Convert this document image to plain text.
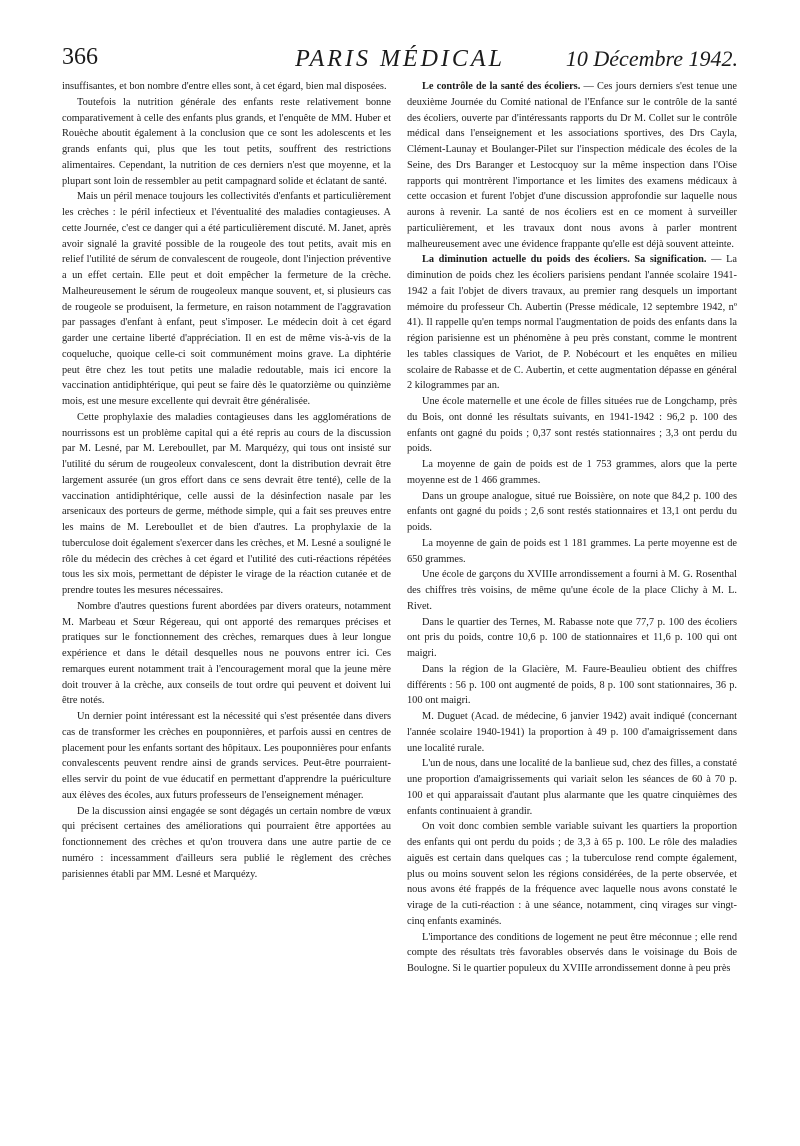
366	PARIS MÉDICAL	10 Décembre 1942.

insuffisantes, et bon nombre d'entre elles sont, à cet égard, bien mal disposées.

Toutefois la nutrition générale des enfants reste relativement bonne comparativement à celle des enfants plus grands, et l'enquête de MM. Huber et Rouèche aboutit également à la conclusion que ce sont les adolescents et les grands enfants qui, plus que les tout petits, souffrent des restrictions alimentaires. Cependant, la nutrition de ces derniers n'est que moyenne, et la plupart sont loin de ressembler au petit campagnard solide et éclatant de santé.

Mais un péril menace toujours les collectivités d'enfants et particulièrement les crèches : le péril infectieux et l'éventualité des maladies contagieuses. A cette Journée, c'est ce danger qui a été particulièrement discuté. M. Janet, après avoir signalé la gravité possible de la rougeole des tout petits, avait mis en relief l'utilité de sérum de convalescent de rougeole, dont l'injection préventive a un effet certain. Elle peut et doit empêcher la fermeture de la crèche. Malheureusement le sérum de rougeoleux manque souvent, et, si plusieurs cas de rougeole se produisent, la fermeture, en raison notamment de l'aggravation par passages d'enfant à enfant, peut s'imposer. Le médecin doit à cet égard garder une certaine liberté d'appréciation. Il en est de même vis-à-vis de la coqueluche, quoique celle-ci soit communément moins grave. La diphtérie peut être chez les tout petits une maladie redoutable, mais ici encore la vaccination antidiphtérique, qui peut se faire dès le quatorzième ou quinzième mois, est une mesure excellente qui devrait être généralisée.

Cette prophylaxie des maladies contagieuses dans les agglomérations de nourrissons est un problème capital qui a été repris au cours de la discussion par M. Lesné, par M. Lereboullet, par M. Marquézy, qui tous ont insisté sur l'utilité du sérum de rougeoleux convalescent, dont la distribution devrait être largement assurée (un gros effort dans ce sens devrait être tenté), celle de la vaccination antidiphtérique, celle aussi de la désinfection nasale par les arsenicaux des porteurs de germe, méthode simple, qui a fait ses preuves entre les mains de M. Lereboullet et de bien d'autres. La prophylaxie de la tuberculose doit également s'exercer dans les crèches, et M. Lesné a souligné le rôle du médecin des crèches à cet égard et l'utilité des cuti-réactions répétées tous les six mois, permettant de dépister le virage de la réaction cutanée et de prendre toutes les mesures nécessaires.

Nombre d'autres questions furent abordées par divers orateurs, notamment M. Marbeau et Sœur Régereau, qui ont apporté des remarques précises et pratiques sur le fonctionnement des crèches, remarques dues à leur longue expérience et dans le détail desquelles nous ne pouvons entrer ici. Ces remarques eurent notamment trait à l'encouragement moral que la jeune mère doit trouver à la crèche, aux conseils de tout ordre qui peuvent et doivent lui être notés.

Un dernier point intéressant est la nécessité qui s'est présentée dans divers cas de transformer les crèches en pouponnières, et parfois aussi en centres de placement pour les enfants sortant des hôpitaux. Les pouponnières pour enfants convalescents peuvent rendre ainsi de grands services. Peut-être pourraient-elles servir du point de vue éducatif en permettant d'apprendre la puériculture aux élèves des écoles, aux futurs professeurs de l'enseignement ménager.

De la discussion ainsi engagée se sont dégagés un certain nombre de vœux qui précisent certaines des améliorations qui pourraient être apportées au fonctionnement des crèches et qu'on trouvera dans une autre partie de ce numéro : incessamment d'ailleurs sera publié le règlement des crèches parisiennes établi par MM. Lesné et Marquézy.

Le contrôle de la santé des écoliers. — Ces jours derniers s'est tenue une deuxième Journée du Comité national de l'Enfance sur le contrôle de la santé des écoliers, ouverte par d'intéressants rapports du Dr M. Collet sur le contrôle médical dans l'enseignement et les associations sportives, des Drs Cayla, Clément-Launay et Boulanger-Pilet sur l'inspection médicale des écoles de la Seine, des Drs Baranger et Lestocquoy sur la même inspection dans l'Oise rapports qui montrèrent l'importance et les limites des examens médicaux à cette occasion et furent l'objet d'une discussion approfondie sur laquelle nous aurons à revenir. La santé de nos écoliers est en ce moment à surveiller particulièrement, et les travaux dont nous avons à parler montrent malheureusement avec une évidence frappante qu'elle est déjà souvent atteinte.

La diminution actuelle du poids des écoliers. Sa signification. — La diminution de poids chez les écoliers parisiens pendant l'année scolaire 1941-1942 a fait l'objet de divers travaux, au premier rang desquels un important mémoire du professeur Ch. Aubertin (Presse médicale, 12 septembre 1942, nº 41). Il rappelle qu'en temps normal l'augmentation de poids des enfants dans la région parisienne est un phénomène à peu près constant, comme le montrent les tables classiques de Variot, de P. Nobécourt et les enquêtes en milieu scolaire de Rabasse et de C. Aubertin, et cette augmentation dépasse en général 2 kilogrammes par an.

Une école maternelle et une école de filles situées rue de Longchamp, près du Bois, ont donné les résultats suivants, en 1941-1942 : 96,2 p. 100 des enfants ont gagné du poids ; 0,37 sont restés stationnaires ; 3,3 ont perdu du poids.

La moyenne de gain de poids est de 1 753 grammes, alors que la perte moyenne est de 1 466 grammes.

Dans un groupe analogue, situé rue Boissière, on note que 84,2 p. 100 des enfants ont gagné du poids ; 2,6 sont restés stationnaires et 13,1 ont perdu du poids.

La moyenne de gain de poids est 1 181 grammes. La perte moyenne est de 650 grammes.

Une école de garçons du XVIIIe arrondissement a fourni à M. G. Rosenthal des chiffres très voisins, de même qu'une école de la place Clichy à M. L. Rivet.

Dans le quartier des Ternes, M. Rabasse note que 77,7 p. 100 des écoliers ont pris du poids, contre 10,6 p. 100 de stationnaires et 11,6 p. 100 qui ont maigri.

Dans la région de la Glacière, M. Faure-Beaulieu obtient des chiffres différents : 56 p. 100 ont augmenté de poids, 8 p. 100 sont stationnaires, 36 p. 100 ont maigri.

M. Duguet (Acad. de médecine, 6 janvier 1942) avait indiqué (concernant l'année scolaire 1940-1941) la proportion à 49 p. 100 d'amaigrissement dans une localité rurale.

L'un de nous, dans une localité de la banlieue sud, chez des filles, a constaté une proportion d'amaigrissements qui variait selon les séances de 60 à 70 p. 100 et qui apparaissait d'autant plus alarmante que les quatre cinquièmes des enfants continuaient à grandir.

On voit donc combien semble variable suivant les quartiers la proportion des enfants qui ont perdu du poids ; de 3,3 à 65 p. 100. Le rôle des maladies aiguës est certain dans quelques cas ; la tuberculose rend compte également, plus ou moins souvent selon les régions considérées, de la perte observée, et nous avons été frappés de la fréquence avec laquelle nous avons constaté le virage de la cuti-réaction : à une séance, notamment, cinq virages sur vingt-cinq enfants examinés.

L'importance des conditions de logement ne peut être méconnue ; elle rend compte des résultats très favorables observés dans le voisinage du Bois de Boulogne. Si le quartier populeux du XVIIIe arrondissement donne à peu près
